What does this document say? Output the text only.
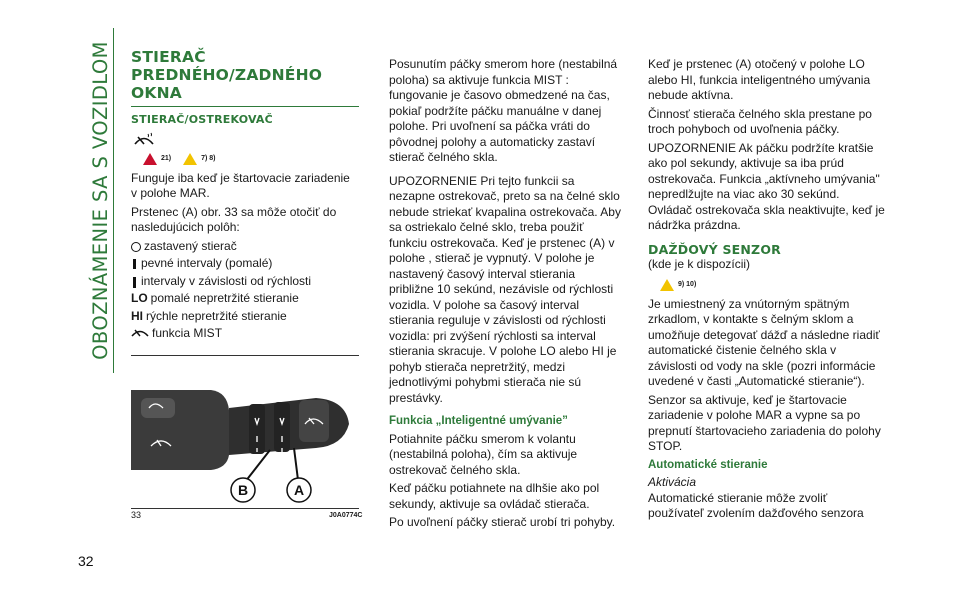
OBOZNÁMENIE SA S VOZIDLOM
32
STIERAČ PREDNÉHO/ZADNÉHO OKNA
STIERAČ/OSTREKOVAČ
21)	7) 8)

Funguje iba keď je štartovacie zariadenie v polohe MAR.

Prstenec (A) obr. 33 sa môže otočiť do nasledujúcich polôh:

zastavený stierač
pevné intervaly (pomalé)
intervaly v závislosti od rýchlosti
LO pomalé nepretržité stieranie
HI rýchle nepretržité stieranie
funkcia MIST
B	A
33	J0A0774C

Posunutím páčky smerom hore (nestabilná poloha) sa aktivuje funkcia MIST : fungovanie je časovo obmedzené na čas, pokiaľ podržíte páčku manuálne v danej polohe. Pri uvoľnení sa páčka vráti do pôvodnej polohy a automaticky zastaví stierač čelného skla.

UPOZORNENIE Pri tejto funkcii sa nezapne ostrekovač, preto sa na čelné sklo nebude striekať kvapalina ostrekovača. Aby sa ostriekalo čelné sklo, treba použiť funkciu ostrekovača. Keď je prstenec (A) v polohe , stierač je vypnutý. V polohe je nastavený časový interval stierania približne 10 sekúnd, nezávisle od rýchlosti vozidla. V polohe sa časový interval stierania reguluje v závislosti od rýchlosti vozidla: pri zvýšení rýchlosti sa interval stierania skracuje. V polohe LO alebo HI je pohyb stierača nepretržitý, medzi jednotlivými pohybmi stierača nie sú prestávky.

Funkcia „Inteligentné umývanie”

Potiahnite páčku smerom k volantu (nestabilná poloha), čím sa aktivuje ostrekovač čelného skla.

Keď páčku potiahnete na dlhšie ako pol sekundy, aktivuje sa ovládač stierača.

Po uvoľnení páčky stierač urobí tri pohyby.

Keď je prstenec (A) otočený v polohe LO alebo HI, funkcia inteligentného umývania nebude aktívna.

Činnosť stierača čelného skla prestane po troch pohyboch od uvoľnenia páčky.

UPOZORNENIE Ak páčku podržíte kratšie ako pol sekundy, aktivuje sa iba prúd ostrekovača. Funkcia „aktívneho umývania" nepredlžujte na viac ako 30 sekúnd. Ovládač ostrekovača skla neaktivujte, keď je nádržka prázdna.

DAŽĎOVÝ SENZOR

(kde je k dispozícii)

9) 10)

Je umiestnený za vnútorným spätným zrkadlom, v kontakte s čelným sklom a umožňuje detegovať dážď a následne riadiť automatické čistenie čelného skla v závislosti od vody na skle (pozri informácie uvedené v časti „Automatické stieranie“).

Senzor sa aktivuje, keď je štartovacie zariadenie v polohe MAR a vypne sa po prepnutí štartovacieho zariadenia do polohy STOP.

Automatické stieranie
Aktivácia

Automatické stieranie môže zvoliť používateľ zvolením dažďového senzora
